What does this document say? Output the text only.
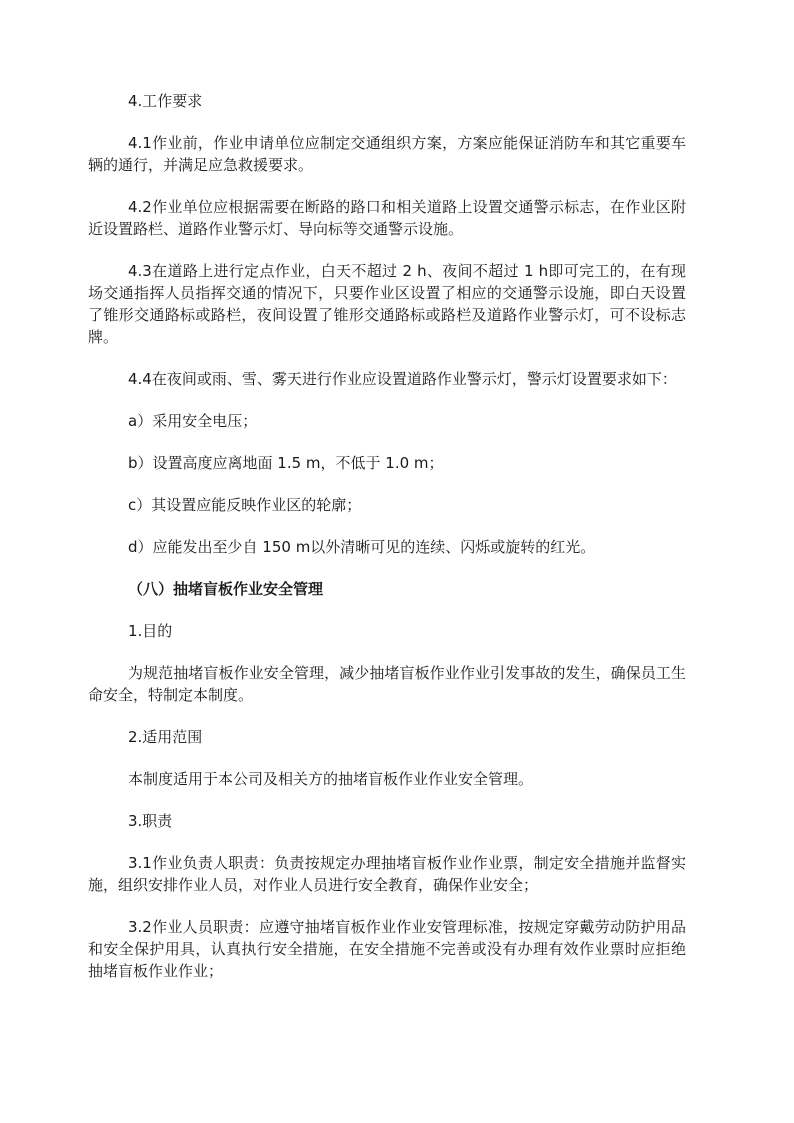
4.工作要求

4.1作业前，作业申请单位应制定交通组织方案，方案应能保证消防车和其它重要车辆的通行，并满足应急救援要求。

4.2作业单位应根据需要在断路的路口和相关道路上设置交通警示标志，在作业区附近设置路栏、道路作业警示灯、导向标等交通警示设施。

4.3在道路上进行定点作业，白天不超过 2 h、夜间不超过 1 h即可完工的，在有现场交通指挥人员指挥交通的情况下，只要作业区设置了相应的交通警示设施，即白天设置了锥形交通路标或路栏，夜间设置了锥形交通路标或路栏及道路作业警示灯，可不设标志牌。

4.4在夜间或雨、雪、雾天进行作业应设置道路作业警示灯，警示灯设置要求如下：

a）采用安全电压；

b）设置高度应离地面 1.5 m，不低于 1.0 m；

c）其设置应能反映作业区的轮廓；

d）应能发出至少自 150 m以外清晰可见的连续、闪烁或旋转的红光。

（八）抽堵盲板作业安全管理

1.目的

为规范抽堵盲板作业安全管理，减少抽堵盲板作业作业引发事故的发生，确保员工生命安全，特制定本制度。

2.适用范围

本制度适用于本公司及相关方的抽堵盲板作业作业安全管理。

3.职责

3.1作业负责人职责：负责按规定办理抽堵盲板作业作业票，制定安全措施并监督实施，组织安排作业人员，对作业人员进行安全教育，确保作业安全；

3.2作业人员职责：应遵守抽堵盲板作业作业安管理标准，按规定穿戴劳动防护用品和安全保护用具，认真执行安全措施，在安全措施不完善或没有办理有效作业票时应拒绝抽堵盲板作业作业；
